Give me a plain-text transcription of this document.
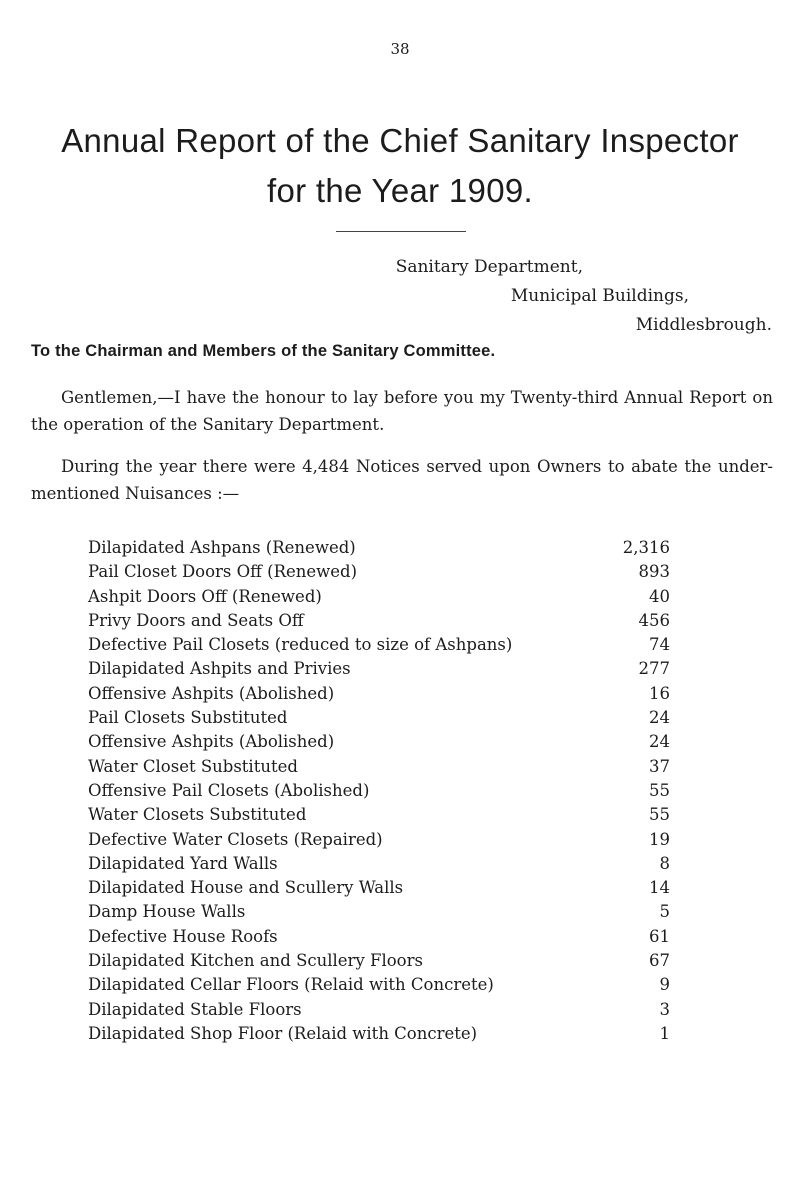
38
Annual Report of the Chief Sanitary Inspector
for the Year 1909.
Sanitary Department,
Municipal Buildings,
Middlesbrough.
To the Chairman and Members of the Sanitary Committee.

Gentlemen,—I have the honour to lay before you my Twenty-third Annual Report on the operation of the Sanitary Department.

During the year there were 4,484 Notices served upon Owners to abate the under-mentioned Nuisances :—

Dilapidated Ashpans (Renewed)	2,316
Pail Closet Doors Off (Renewed)	893
Ashpit Doors Off (Renewed)	40
Privy Doors and Seats Off	456
Defective Pail Closets (reduced to size of Ashpans)	74
Dilapidated Ashpits and Privies	277
Offensive Ashpits (Abolished)	16
Pail Closets Substituted	24
Offensive Ashpits (Abolished)	24
Water Closet Substituted	37
Offensive Pail Closets (Abolished)	55
Water Closets Substituted	55
Defective Water Closets (Repaired)	19
Dilapidated Yard Walls	8
Dilapidated House and Scullery Walls	14
Damp House Walls	5
Defective House Roofs	61
Dilapidated Kitchen and Scullery Floors	67
Dilapidated Cellar Floors (Relaid with Concrete)	9
Dilapidated Stable Floors	3
Dilapidated Shop Floor (Relaid with Concrete)	1
